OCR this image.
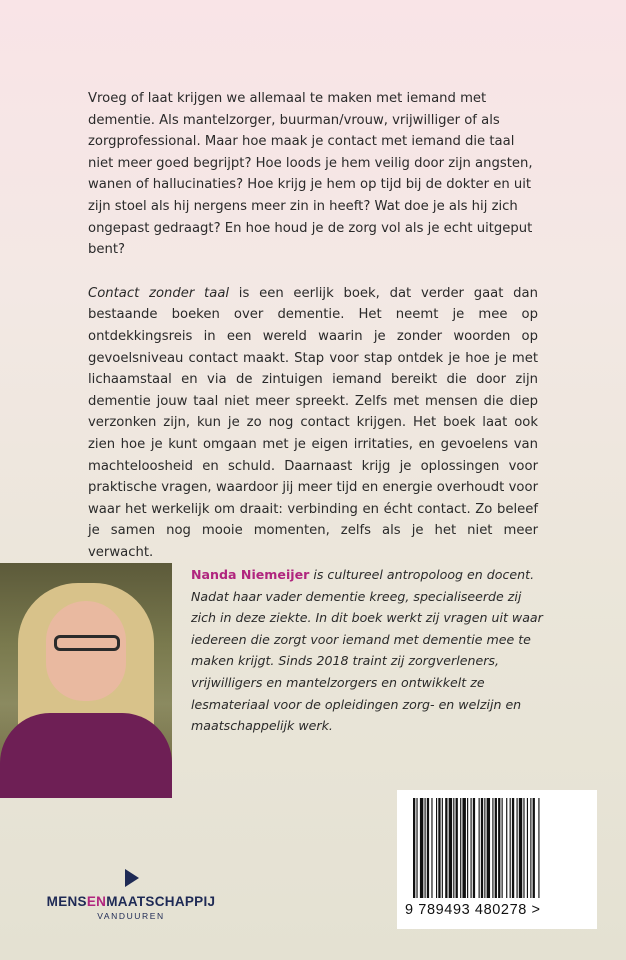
Vroeg of laat krijgen we allemaal te maken met iemand met dementie. Als mantelzorger, buurman/vrouw, vrijwilliger of als zorgprofessional. Maar hoe maak je contact met iemand die taal niet meer goed begrijpt? Hoe loods je hem veilig door zijn angsten, wanen of hallucinaties? Hoe krijg je hem op tijd bij de dokter en uit zijn stoel als hij nergens meer zin in heeft? Wat doe je als hij zich ongepast gedraagt? En hoe houd je de zorg vol als je echt uitgeput bent?

Contact zonder taal is een eerlijk boek, dat verder gaat dan bestaande boeken over dementie. Het neemt je mee op ontdekkingsreis in een wereld waarin je zonder woorden op gevoelsniveau contact maakt. Stap voor stap ontdek je hoe je met lichaamstaal en via de zintuigen iemand bereikt die door zijn dementie jouw taal niet meer spreekt. Zelfs met mensen die diep verzonken zijn, kun je zo nog contact krijgen. Het boek laat ook zien hoe je kunt omgaan met je eigen irritaties, en gevoelens van machteloosheid en schuld. Daarnaast krijg je oplossingen voor praktische vragen, waardoor jij meer tijd en energie overhoudt voor waar het werkelijk om draait: verbinding en écht contact. Zo beleef je samen nog mooie momenten, zelfs als je het niet meer verwacht.

Nanda Niemeijer is cultureel antropoloog en docent. Nadat haar vader dementie kreeg, specialiseerde zij zich in deze ziekte. In dit boek werkt zij vragen uit waar iedereen die zorgt voor iemand met dementie mee te maken krijgt. Sinds 2018 traint zij zorgverleners, vrijwilligers en mantelzorgers en ontwikkelt ze lesmateriaal voor de opleidingen zorg- en welzijn en maatschappelijk werk.
MENSENMAATSCHAPPIJ
VANDUUREN	9 789493 480278 >
